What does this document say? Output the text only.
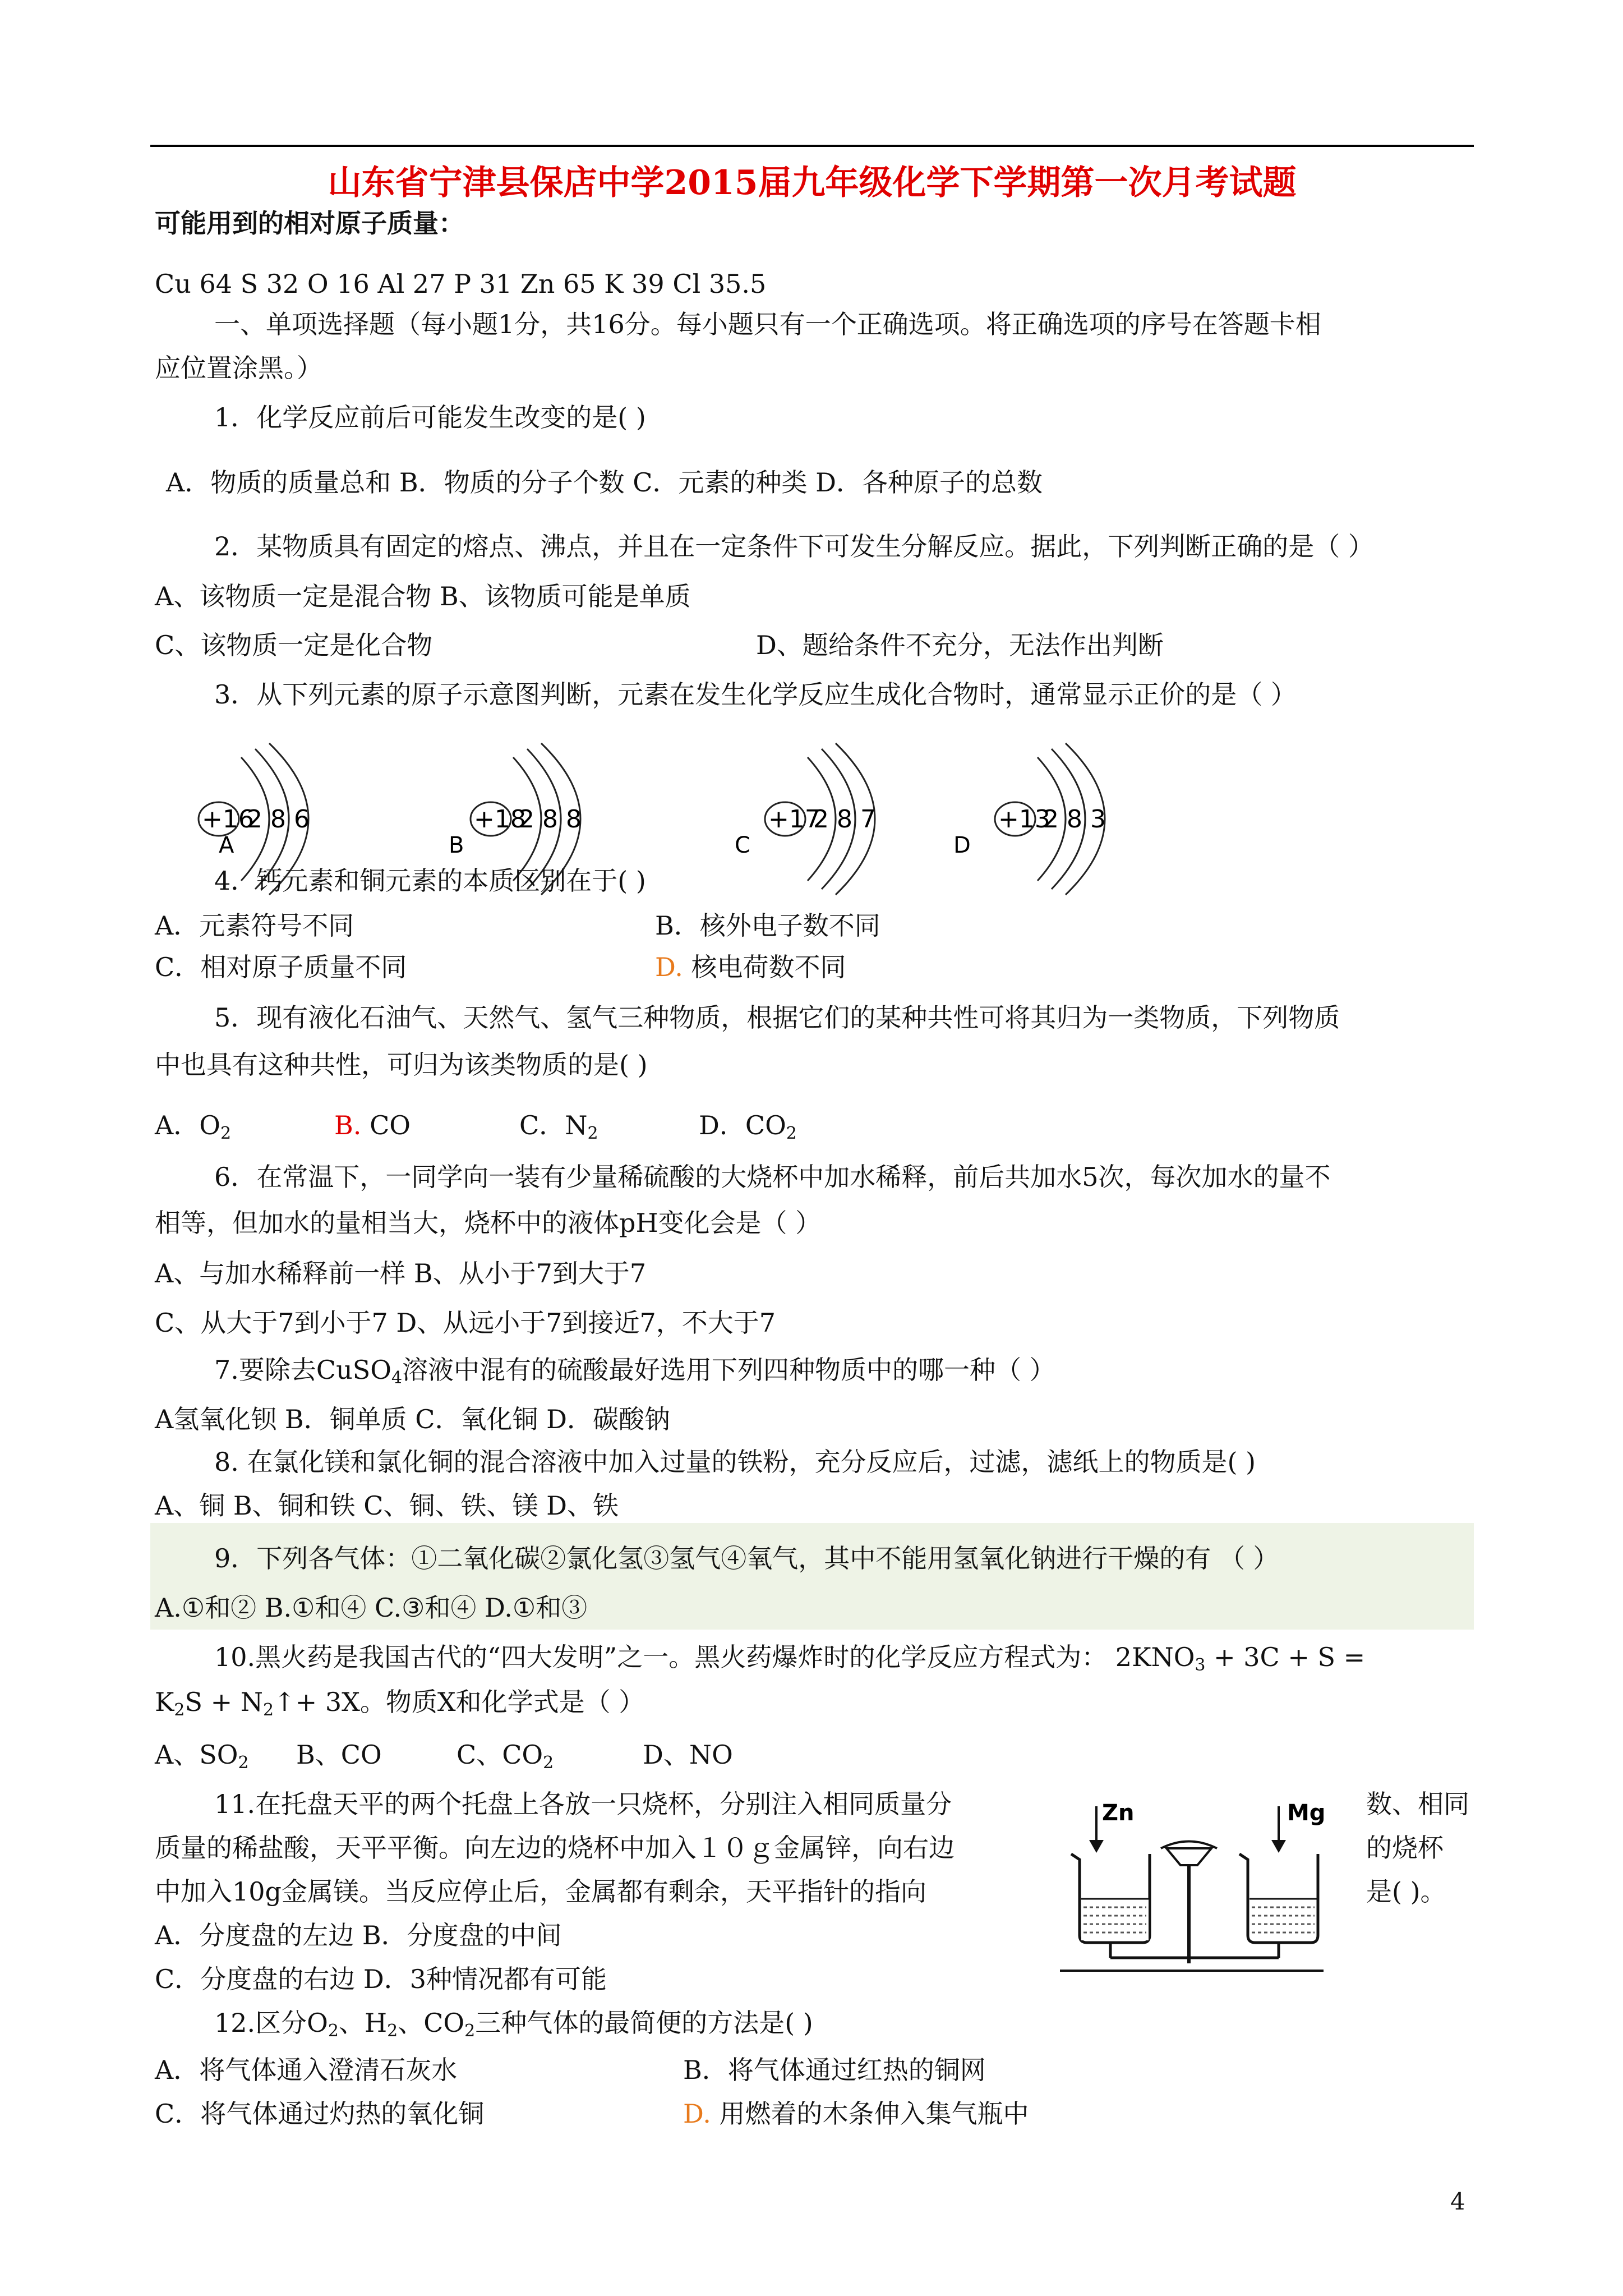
山东省宁津县保店中学2015届九年级化学下学期第一次月考试题
可能用到的相对原子质量：
Cu 64 S 32 O 16 Al 27 P 31 Zn 65 K 39 Cl 35.5
一、单项选择题（每小题1分，共16分。每小题只有一个正确选项。将正确选项的序号在答题卡相
应位置涂黑。）
1．化学反应前后可能发生改变的是( )
A．物质的质量总和 B．物质的分子个数 C．元素的种类 D．各种原子的总数
2．某物质具有固定的熔点、沸点，并且在一定条件下可发生分解反应。据此，下列判断正确的是（ ）
A、该物质一定是混合物 B、该物质可能是单质
C、该物质一定是化合物	D、题给条件不充分，无法作出判断
3．从下列元素的原子示意图判断，元素在发生化学反应生成化合物时，通常显示正价的是（ ）
+16
2 8 6
A
+18
2 8 8
B
+17
2 8 7
C
+13
2 8 3
D
4．钙元素和铜元素的本质区别在于( )
A．元素符号不同	B．核外电子数不同
C．相对原子质量不同	D. 核电荷数不同
5．现有液化石油气、天然气、氢气三种物质，根据它们的某种共性可将其归为一类物质，下列物质
中也具有这种共性，可归为该类物质的是( )
A．$O_2$	B. CO	C．$N_2$	D．$CO_2$
6．在常温下，一同学向一装有少量稀硫酸的大烧杯中加水稀释，前后共加水5次，每次加水的量不
相等，但加水的量相当大，烧杯中的液体pH变化会是（ ）
A、与加水稀释前一样 B、从小于7到大于7
C、从大于7到小于7 D、从远小于7到接近7，不大于7
7.要除去CuSO$_4$溶液中混有的硫酸最好选用下列四种物质中的哪一种（ ）
A氢氧化钡 B．铜单质 C．氧化铜 D．碳酸钠
8. 在氯化镁和氯化铜的混合溶液中加入过量的铁粉，充分反应后，过滤，滤纸上的物质是( )
A、铜 B、铜和铁 C、铜、铁、镁 D、铁
9．下列各气体：①二氧化碳②氯化氢③氢气④氧气，其中不能用氢氧化钠进行干燥的有 （ ）
A.①和② B.①和④ C.③和④ D.①和③
10.黑火药是我国古代的“四大发明”之一。黑火药爆炸时的化学反应方程式为： $2KNO_3 + 3C + S$ =
$K_2S$ + $N_2↑+ 3X$。物质X和化学式是（ ）
A、$SO_2$ B、CO	C、$CO_2$	D、NO
11.在托盘天平的两个托盘上各放一只烧杯，分别注入相同质量分	数、相同
质量的稀盐酸，天平平衡。向左边的烧杯中加入１０ｇ金属锌，向右边	的烧杯
中加入10g金属镁。当反应停止后，金属都有剩余，天平指针的指向	是( )。
A．分度盘的左边 B．分度盘的中间
C．分度盘的右边 D．3种情况都有可能
Zn	Mg
12.区分$O_2$、$H_2$、$CO_2$三种气体的最简便的方法是( )
A．将气体通入澄清石灰水	B．将气体通过红热的铜网
C．将气体通过灼热的氧化铜	D. 用燃着的木条伸入集气瓶中
4
